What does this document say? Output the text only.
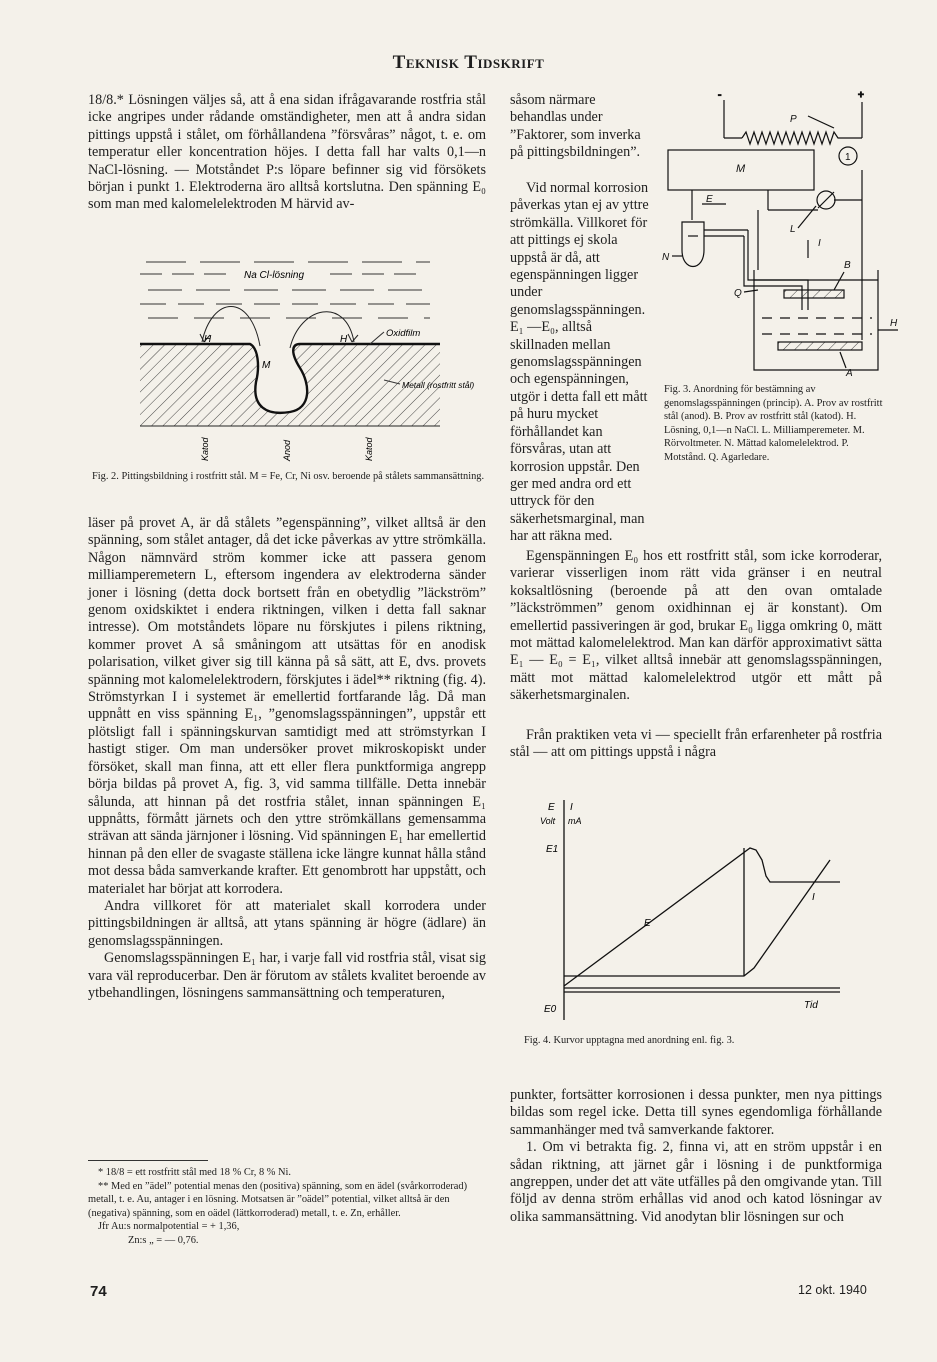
Teknisk Tidskrift

18/8.* Lösningen väljes så, att å ena sidan ifrågavarande rostfria stål icke angripes under rådande omständigheter, men att å andra sidan pittings uppstå i stålet, om förhållandena ”försvåras” något, t. e. om temperatur eller koncentration höjes. I detta fall har valts 0,1—n NaCl-lösning. — Motståndet P:s löpare befinner sig vid försökets början i punkt 1. Elektroderna äro alltså kortslutna. Den spänning E₀ som man med kalomelelektroden M härvid av-

Na Cl-lösning
H	H
M
Oxidfilm
Metall (rostfritt stål)
Katod	Anod	Katod
Fig. 2. Pittingsbildning i rostfritt stål. M = Fe, Cr, Ni osv. beroende på stålets sammansättning.

läser på provet A, är då stålets ”egenspänning”, vilket alltså är den spänning, som stålet antager, då det icke påverkas av yttre strömkälla. Någon nämnvärd ström kommer icke att passera genom milliamperemetern L, eftersom ingendera av elektroderna sänder joner i lösning (detta dock bortsett från en obetydlig ”läckström” genom oxidskiktet i endera riktningen, vilken i detta fall saknar intresse). Om motståndets löpare nu förskjutes i pilens riktning, kommer provet A så småningom att utsättas för en anodisk polarisation, vilket giver sig till känna på så sätt, att E, dvs. provets spänning mot kalomelelektrodern, förskjutes i ädel** riktning (fig. 4). Strömstyrkan I i systemet är emellertid fortfarande låg. Då man uppnått en viss spänning E₁, ”genomslagsspänningen”, uppstår ett plötsligt fall i spänningskurvan samtidigt med att strömstyrkan I hastigt stiger. Om man undersöker provet mikroskopiskt under försöket, skall man finna, att ett eller flera punktformiga angrepp börja bildas på provet A, fig. 3, vid samma tillfälle. Detta innebär sålunda, att hinnan på det rostfria stålet, innan spänningen E₁ uppnåtts, förmått järnets och den yttre strömkällans gemensamma strävan att sända järnjoner i lösning. Vid spänningen E₁ har emellertid hinnan på den eller de svagaste ställena icke längre kunnat hålla stånd mot dessa båda samverkande krafter. Ett genombrott har uppstått, och materialet har börjat att korrodera.

Andra villkoret för att materialet skall korrodera under pittingsbildningen är alltså, att ytans spänning är högre (ädlare) än genomslagsspänningen.

Genomslagsspänningen E₁ har, i varje fall vid rostfria stål, visat sig vara väl reproducerbar. Den är förutom av stålets kvalitet beroende av ytbehandlingen, lösningens sammansättning och temperaturen,

* 18/8 = ett rostfritt stål med 18 % Cr, 8 % Ni.

** Med en ”ädel” potential menas den (positiva) spänning, som en ädel (svårkorroderad) metall, t. e. Au, antager i en lösning. Motsatsen är ”oädel” potential, vilket alltså är den (negativa) spänning, som en oädel (lättkorroderad) metall, t. e. Zn, erhåller.

Jfr Au:s normalpotential = + 1,36,

Zn:s „ = — 0,76.

såsom närmare behandlas under ”Faktorer, som inverka på pittingsbildningen”.

-	+
P
1
M
E
N
L
I
B
Q
H
A
Fig. 3. Anordning för bestämning av genomslagsspänningen (princip). A. Prov av rostfritt stål (anod). B. Prov av rostfritt stål (katod). H. Lösning, 0,1—n NaCl. L. Milliamperemeter. M. Rörvoltmeter. N. Mättad kalomelelektrod. P. Motstånd. Q. Agarledare.

Vid normal korrosion påverkas ytan ej av yttre strömkälla. Villkoret för att pittings ej skola uppstå är då, att egenspänningen ligger under genomslagsspänningen. E₁ —E₀, alltså skillnaden mellan genomslagsspänningen och egenspänningen, utgör i detta fall ett mått på huru mycket förhållandet kan försvåras, utan att korrosion uppstår. Den ger med andra ord ett uttryck för den säkerhetsmarginal, man har att räkna med.

Egenspänningen E₀ hos ett rostfritt stål, som icke korroderar, varierar visserligen inom rätt vida gränser i en neutral koksaltlösning (beroende på att den ovan omtalade ”läckströmmen” genom oxidhinnan ej är konstant). Om emellertid passiveringen är god, brukar E₀ ligga omkring 0, mätt mot mättad kalomelelektrod. Man kan därför approximativt sätta E₁ — E₀ = E₁, vilket alltså innebär att genomslagsspänningen, mätt mot mättad kalomelelektrod utgör ett mått på säkerhetsmarginalen.

Från praktiken veta vi — speciellt från erfarenheter på rostfria stål — att om pittings uppstå i några

E I
Volt mA
E1
E0	Tid
E
I
Fig. 4. Kurvor upptagna med anordning enl. fig. 3.

punkter, fortsätter korrosionen i dessa punkter, men nya pittings bildas som regel icke. Detta till synes egendomliga förhållande sammanhänger med två samverkande faktorer.

1. Om vi betrakta fig. 2, finna vi, att en ström uppstår i en sådan riktning, att järnet går i lösning i de punktformiga angreppen, under det att väte utfälles på den omgivande ytan. Till följd av denna ström erhållas vid anod och katod lösningar av olika sammansättning. Vid anodytan blir lösningen sur och

74	12 okt. 1940
